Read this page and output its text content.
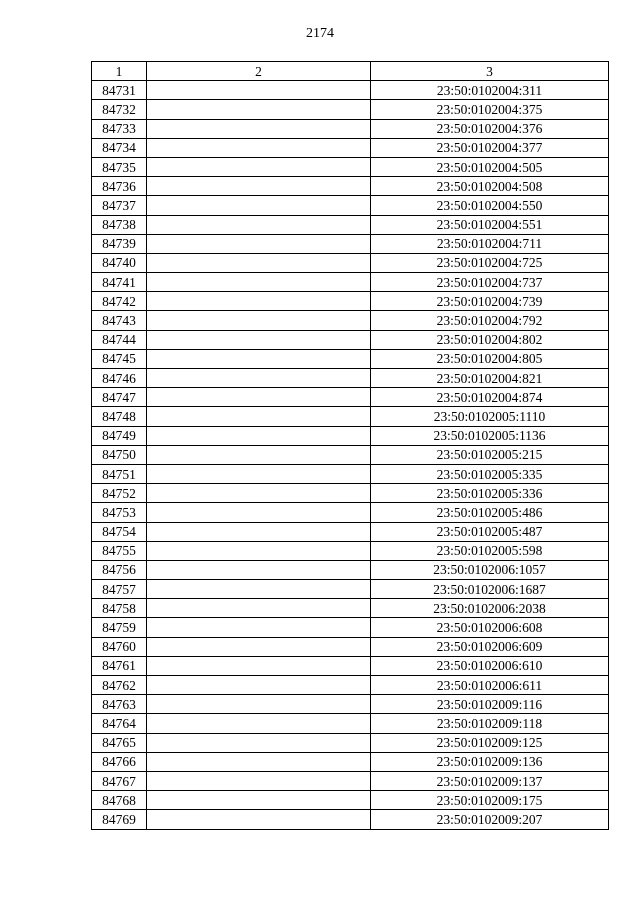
2174
1	2	3
84731		23:50:0102004:311
84732		23:50:0102004:375
84733		23:50:0102004:376
84734		23:50:0102004:377
84735		23:50:0102004:505
84736		23:50:0102004:508
84737		23:50:0102004:550
84738		23:50:0102004:551
84739		23:50:0102004:711
84740		23:50:0102004:725
84741		23:50:0102004:737
84742		23:50:0102004:739
84743		23:50:0102004:792
84744		23:50:0102004:802
84745		23:50:0102004:805
84746		23:50:0102004:821
84747		23:50:0102004:874
84748		23:50:0102005:1110
84749		23:50:0102005:1136
84750		23:50:0102005:215
84751		23:50:0102005:335
84752		23:50:0102005:336
84753		23:50:0102005:486
84754		23:50:0102005:487
84755		23:50:0102005:598
84756		23:50:0102006:1057
84757		23:50:0102006:1687
84758		23:50:0102006:2038
84759		23:50:0102006:608
84760		23:50:0102006:609
84761		23:50:0102006:610
84762		23:50:0102006:611
84763		23:50:0102009:116
84764		23:50:0102009:118
84765		23:50:0102009:125
84766		23:50:0102009:136
84767		23:50:0102009:137
84768		23:50:0102009:175
84769		23:50:0102009:207
